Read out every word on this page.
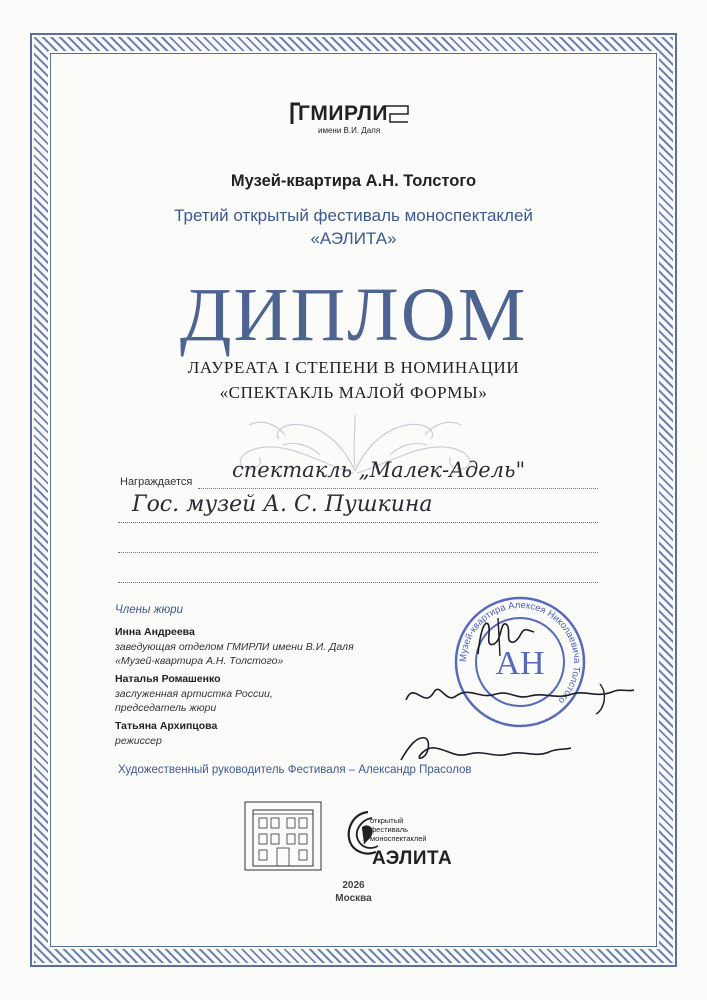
ГМИРЛИ
имени В.И. Даля
Музей-квартира А.Н. Толстого
Третий открытый фестиваль моноспектаклей
«АЭЛИТА»
ДИПЛОМ
ЛАУРЕАТА I СТЕПЕНИ В НОМИНАЦИИ
«СПЕКТАКЛЬ МАЛОЙ ФОРМЫ»
Награждается спектакль „Малек-Адель"
Гос. музей А. С. Пушкина
Члены жюри
Инна Андреева
заведующая отделом ГМИРЛИ имени В.И. Даля
«Музей-квартира А.Н. Толстого»
Наталья Ромашенко
заслуженная артистка России,
председатель жюри
Татьяна Архипцова
режиссер
Музей-квартира Алексея Николаевича Толстого
АН
Художественный руководитель Фестиваля – Александр Прасолов
открытый
фестиваль
моноспектаклей
АЭЛИТА
2026
Москва
